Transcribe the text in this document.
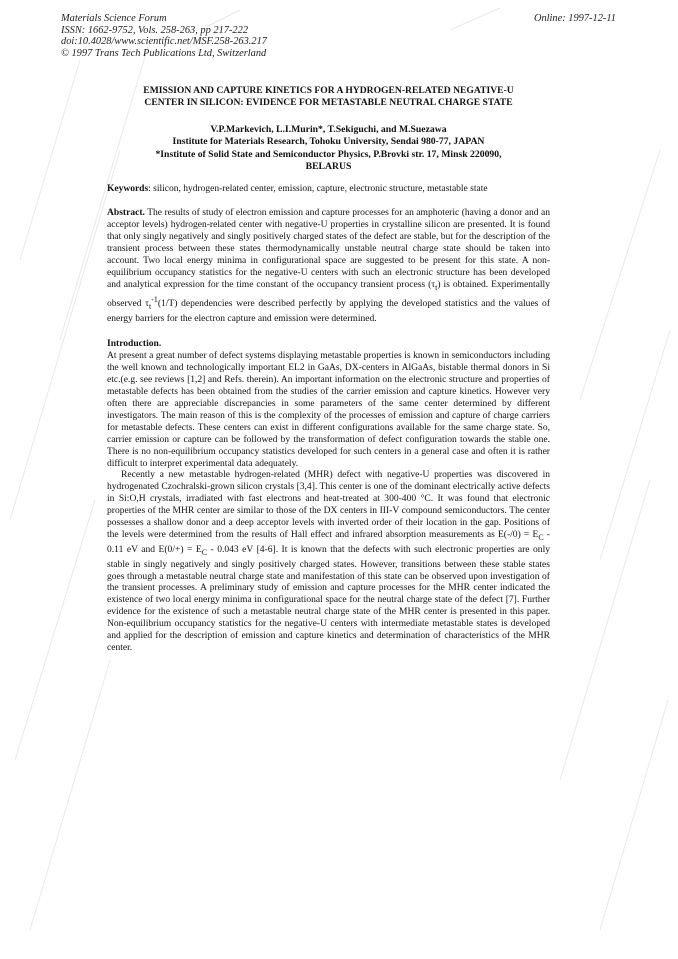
Materials Science Forum
ISSN: 1662-9752, Vols. 258-263, pp 217-222
doi:10.4028/www.scientific.net/MSF.258-263.217
© 1997 Trans Tech Publications Ltd, Switzerland
Online: 1997-12-11

EMISSION AND CAPTURE KINETICS FOR A HYDROGEN-RELATED NEGATIVE-U

CENTER IN SILICON: EVIDENCE FOR METASTABLE NEUTRAL CHARGE STATE

V.P.Markevich, L.I.Murin*, T.Sekiguchi, and M.Suezawa
Institute for Materials Research, Tohoku University, Sendai 980-77, JAPAN
*Institute of Solid State and Semiconductor Physics, P.Brovki str. 17, Minsk 220090,
BELARUS
Keywords: silicon, hydrogen-related center, emission, capture, electronic structure, metastable state
Abstract. The results of study of electron emission and capture processes for an amphoteric (having a donor and an acceptor levels) hydrogen-related center with negative-U properties in crystalline silicon are presented. It is found that only singly negatively and singly positively charged states of the defect are stable, but for the description of the transient process between these states thermodynamically unstable neutral charge state should be taken into account. Two local energy minima in configurational space are suggested to be present for this state. A non-equilibrium occupancy statistics for the negative-U centers with such an electronic structure has been developed and analytical expression for the time constant of the occupancy transient process $(\tau_t)$ is obtained. Experimentally observed $\tau_t^{-1}(1/T)$ dependencies were described perfectly by applying the developed statistics and the values of energy barriers for the electron capture and emission were determined.
Introduction.

At present a great number of defect systems displaying metastable properties is known in semiconductors including the well known and technologically important EL2 in GaAs, DX-centers in AlGaAs, bistable thermal donors in Si etc.(e.g. see reviews [1,2] and Refs. therein). An important information on the electronic structure and properties of metastable defects has been obtained from the studies of the carrier emission and capture kinetics. However very often there are appreciable discrepancies in some parameters of the same center determined by different investigators. The main reason of this is the complexity of the processes of emission and capture of charge carriers for metastable defects. These centers can exist in different configurations available for the same charge state. So, carrier emission or capture can be followed by the transformation of defect configuration towards the stable one. There is no non-equilibrium occupancy statistics developed for such centers in a general case and often it is rather difficult to interpret experimental data adequately.

Recently a new metastable hydrogen-related (MHR) defect with negative-U properties was discovered in hydrogenated Czochralski-grown silicon crystals [3,4]. This center is one of the dominant electrically active defects in Si:O,H crystals, irradiated with fast electrons and heat-treated at 300-400 °C. It was found that electronic properties of the MHR center are similar to those of the DX centers in III-V compound semiconductors. The center possesses a shallow donor and a deep acceptor levels with inverted order of their location in the gap. Positions of the levels were determined from the results of Hall effect and infrared absorption measurements as $E(-/0) = E_C - 0.11$ eV and $E(0/+) = E_C - 0.043$ eV [4-6]. It is known that the defects with such electronic properties are only stable in singly negatively and singly positively charged states. However, transitions between these stable states goes through a metastable neutral charge state and manifestation of this state can be observed upon investigation of the transient processes. A preliminary study of emission and capture processes for the MHR center indicated the existence of two local energy minima in configurational space for the neutral charge state of the defect [7]. Further evidence for the existence of such a metastable neutral charge state of the MHR center is presented in this paper. Non-equilibrium occupancy statistics for the negative-U centers with intermediate metastable states is developed and applied for the description of emission and capture kinetics and determination of characteristics of the MHR center.
